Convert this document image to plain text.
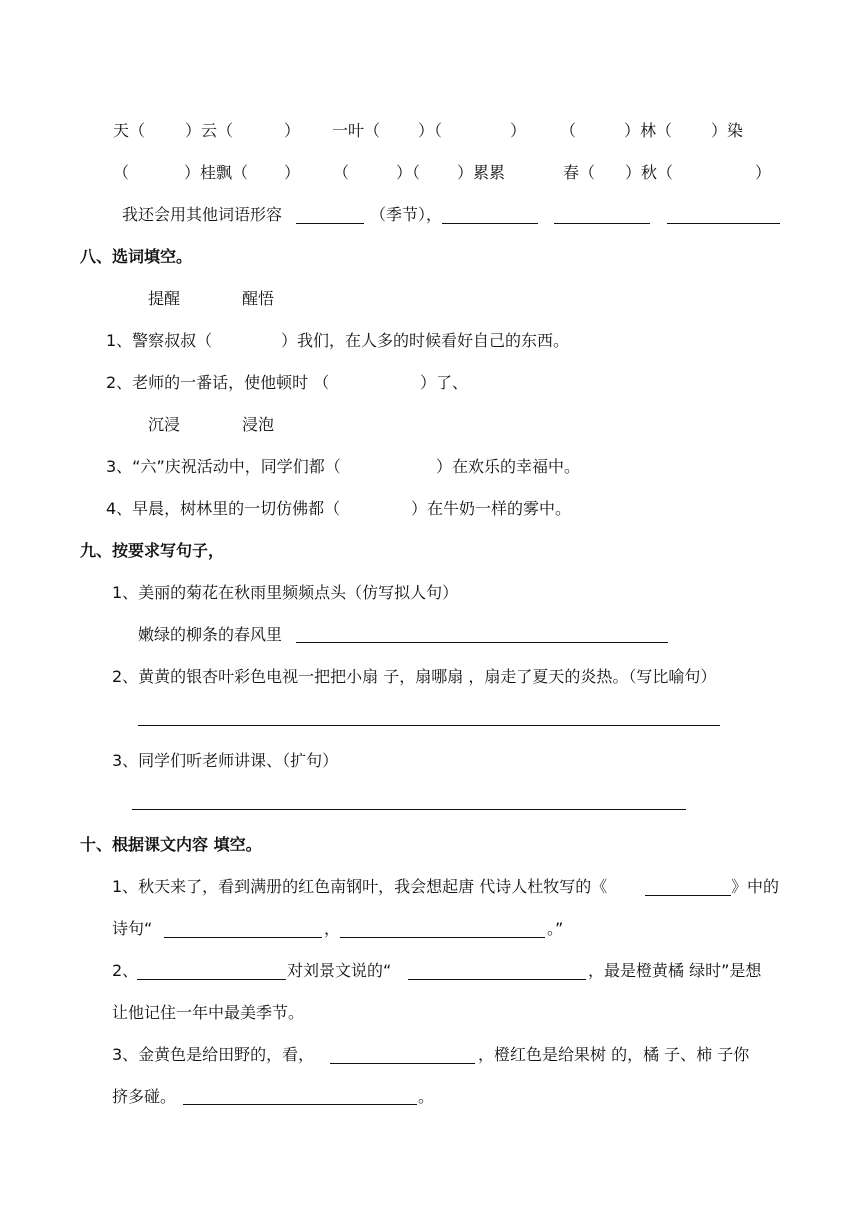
天（ ）云（	） 一叶（ ）（	） （	）林（ ）染
（	）桂飘（ ） （	）（ ）累累	春（ ）秋（	）
我还会用其他词语形容	（季节），
八、选词填空。
提醒	醒悟
1、警察叔叔（	）我们，在人多的时候看好自己的东西。
2、老师的一番话，使他顿时 （	）了、
沉浸	浸泡
3、“六”庆祝活动中，同学们都（	）在欢乐的幸福中。
4、早晨，树林里的一切仿佛都（	）在牛奶一样的雾中。
九、按要求写句子，
1、美丽的菊花在秋雨里频频点头（仿写拟人句）
嫩绿的柳条的春风里
2、黄黄的银杏叶彩色电视一把把小扇 子，扇哪扇 ，扇走了夏天的炎热。（写比喻句）
3、同学们听老师讲课、（扩句）
十、根据课文内容 填空。
1、秋天来了，看到满册的红色南钢叶，我会想起唐 代诗人杜牧写的《	》中的
诗句“	，	。”
2、	对刘景文说的“	，最是橙黄橘 绿时”是想
让他记住一年中最美季节。
3、金黄色是给田野的，看，	，橙红色是给果树 的，橘 子、柿 子你
挤多碰。	。
